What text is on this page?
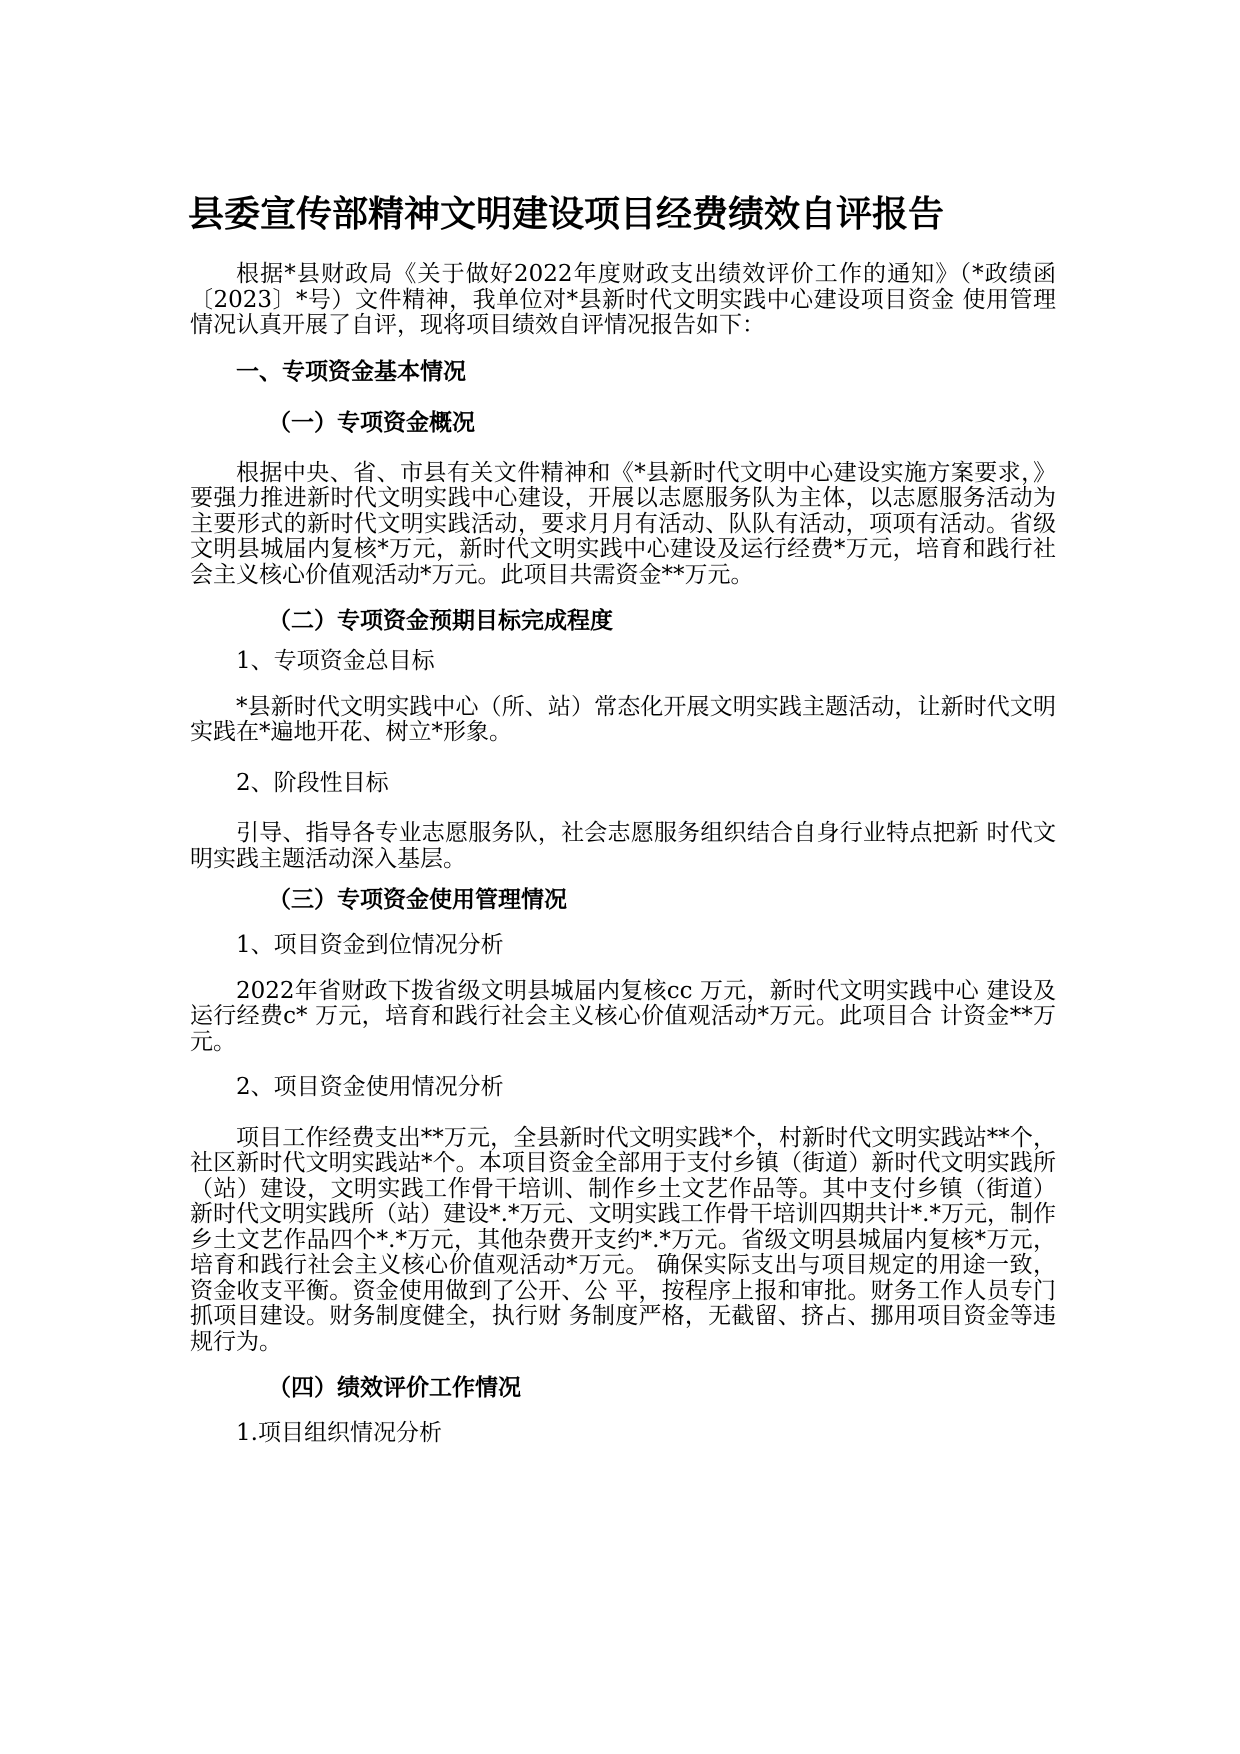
县委宣传部精神文明建设项目经费绩效自评报告

根据*县财政局《关于做好2022年度财政支出绩效评价工作的通知》（*政绩函〔2023〕*号）文件精神，我单位对*县新时代文明实践中心建设项目资金 使用管理情况认真开展了自评，现将项目绩效自评情况报告如下：

一、专项资金基本情况

（一）专项资金概况

根据中央、省、市县有关文件精神和《*县新时代文明中心建设实施方案要求，》要强力推进新时代文明实践中心建设，开展以志愿服务队为主体，以志愿服务活动为主要形式的新时代文明实践活动，要求月月有活动、队队有活动，项项有活动。省级文明县城届内复核*万元，新时代文明实践中心建设及运行经费*万元，培育和践行社会主义核心价值观活动*万元。此项目共需资金**万元。

（二）专项资金预期目标完成程度

1、专项资金总目标

*县新时代文明实践中心（所、站）常态化开展文明实践主题活动，让新时代文明实践在*遍地开花、树立*形象。

2、阶段性目标

引导、指导各专业志愿服务队，社会志愿服务组织结合自身行业特点把新 时代文明实践主题活动深入基层。

（三）专项资金使用管理情况

1、项目资金到位情况分析

2022年省财政下拨省级文明县城届内复核cc 万元，新时代文明实践中心 建设及运行经费c* 万元，培育和践行社会主义核心价值观活动*万元。此项目合 计资金**万元。

2、项目资金使用情况分析

项目工作经费支出**万元，全县新时代文明实践*个，村新时代文明实践站**个，社区新时代文明实践站*个。本项目资金全部用于支付乡镇（街道）新时代文明实践所（站）建设，文明实践工作骨干培训、制作乡土文艺作品等。其中支付乡镇（街道）新时代文明实践所（站）建设*.*万元、文明实践工作骨干培训四期共计*.*万元，制作乡土文艺作品四个*.*万元，其他杂费开支约*.*万元。省级文明县城届内复核*万元，培育和践行社会主义核心价值观活动*万元。 确保实际支出与项目规定的用途一致，资金收支平衡。资金使用做到了公开、公 平，按程序上报和审批。财务工作人员专门抓项目建设。财务制度健全，执行财 务制度严格，无截留、挤占、挪用项目资金等违规行为。

（四）绩效评价工作情况

1.项目组织情况分析
